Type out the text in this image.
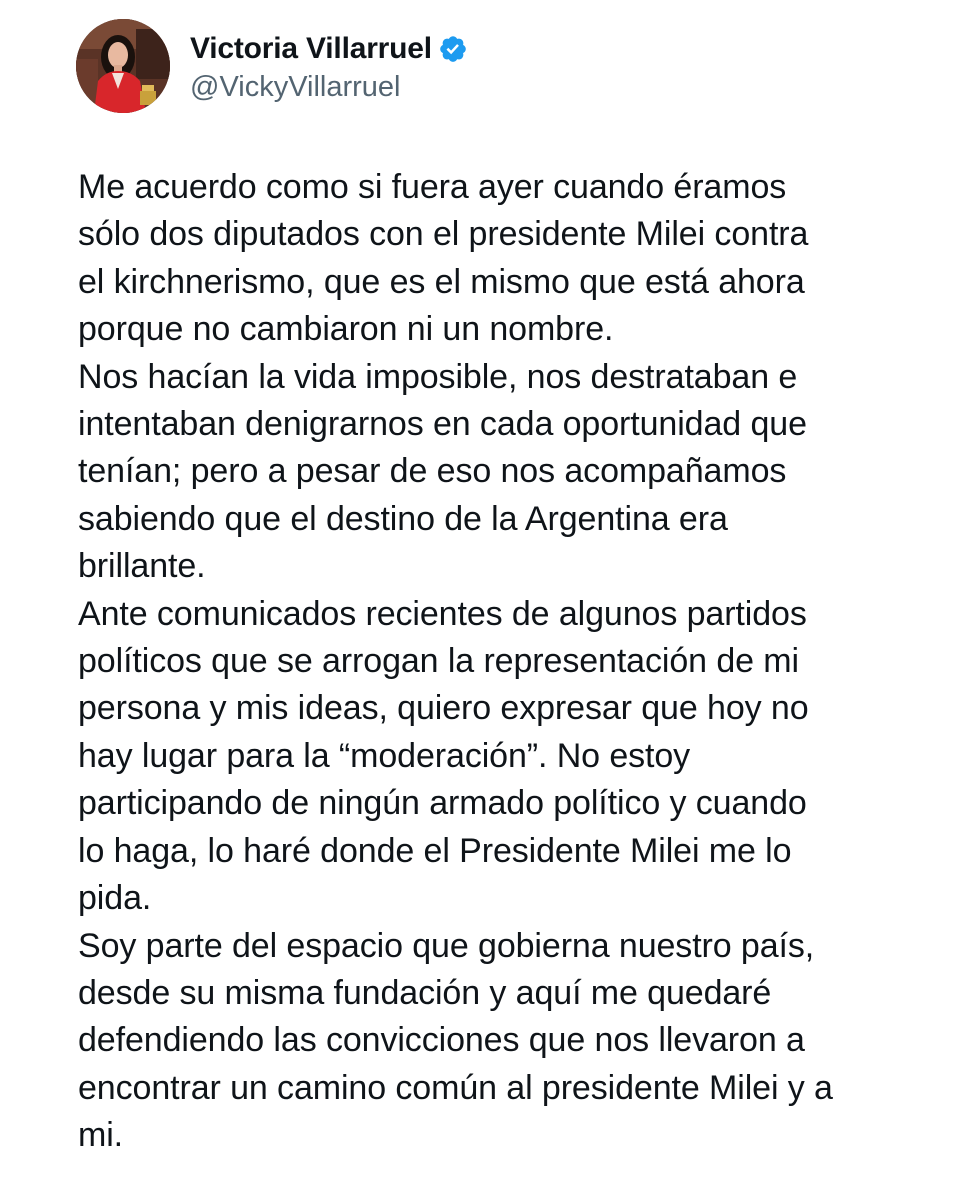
Victoria Villarruel
@VickyVillarruel

Me acuerdo como si fuera ayer cuando éramos
sólo dos diputados con el presidente Milei contra
el kirchnerismo, que es el mismo que está ahora
porque no cambiaron ni un nombre.

Nos hacían la vida imposible, nos destrataban e
intentaban denigrarnos en cada oportunidad que
tenían; pero a pesar de eso nos acompañamos
sabiendo que el destino de la Argentina era
brillante.

Ante comunicados recientes de algunos partidos
políticos que se arrogan la representación de mi
persona y mis ideas, quiero expresar que hoy no
hay lugar para la “moderación”. No estoy
participando de ningún armado político y cuando
lo haga, lo haré donde el Presidente Milei me lo
pida.

Soy parte del espacio que gobierna nuestro país,
desde su misma fundación y aquí me quedaré
defendiendo las convicciones que nos llevaron a
encontrar un camino común al presidente Milei y a
mi.
